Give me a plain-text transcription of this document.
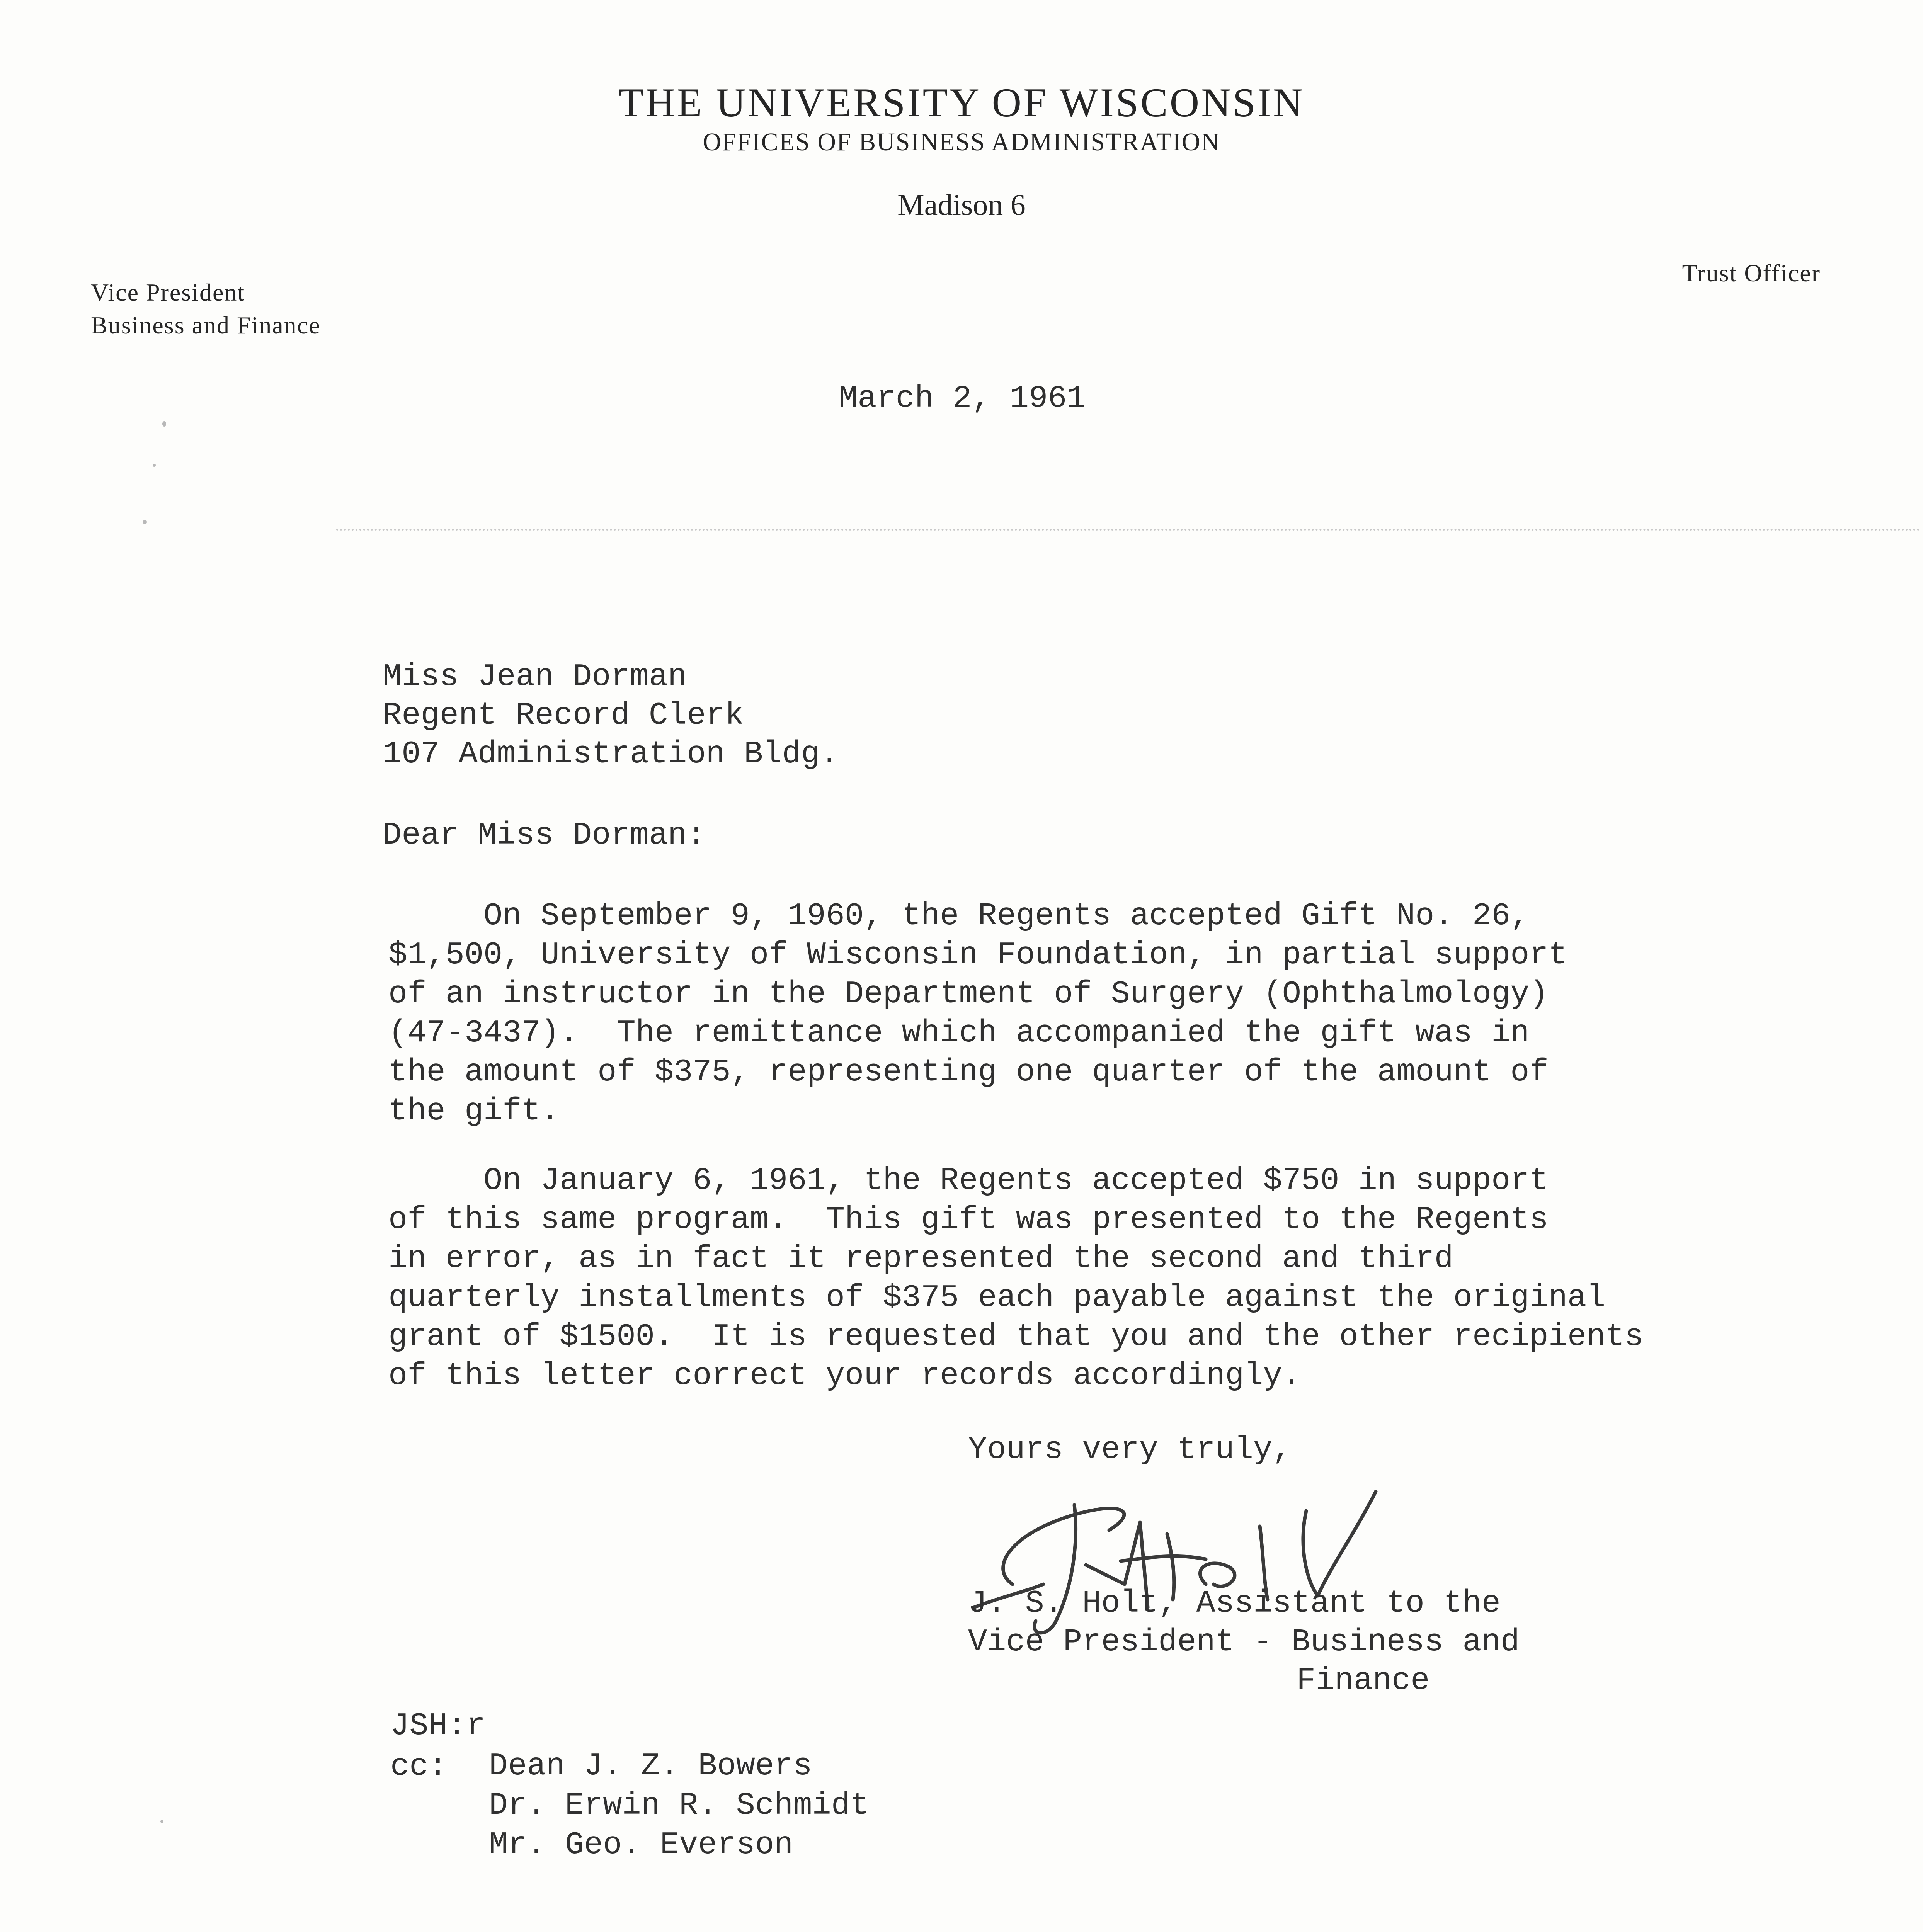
THE UNIVERSITY OF WISCONSIN
OFFICES OF BUSINESS ADMINISTRATION
Madison 6
Vice President
Business and Finance
Trust Officer
March 2, 1961
Miss Jean Dorman
Regent Record Clerk
107 Administration Bldg.
Dear Miss Dorman:
On September 9, 1960, the Regents accepted Gift No. 26,
$1,500, University of Wisconsin Foundation, in partial support
of an instructor in the Department of Surgery (Ophthalmology)
(47-3437).  The remittance which accompanied the gift was in
the amount of $375, representing one quarter of the amount of
the gift.
On January 6, 1961, the Regents accepted $750 in support
of this same program.  This gift was presented to the Regents
in error, as in fact it represented the second and third
quarterly installments of $375 each payable against the original
grant of $1500.  It is requested that you and the other recipients
of this letter correct your records accordingly.
Yours very truly,
J. S. Holt, Assistant to the
Vice President - Business and
Finance
JSH:r
cc: Dean J. Z. Bowers
Dr. Erwin R. Schmidt
Mr. Geo. Everson
